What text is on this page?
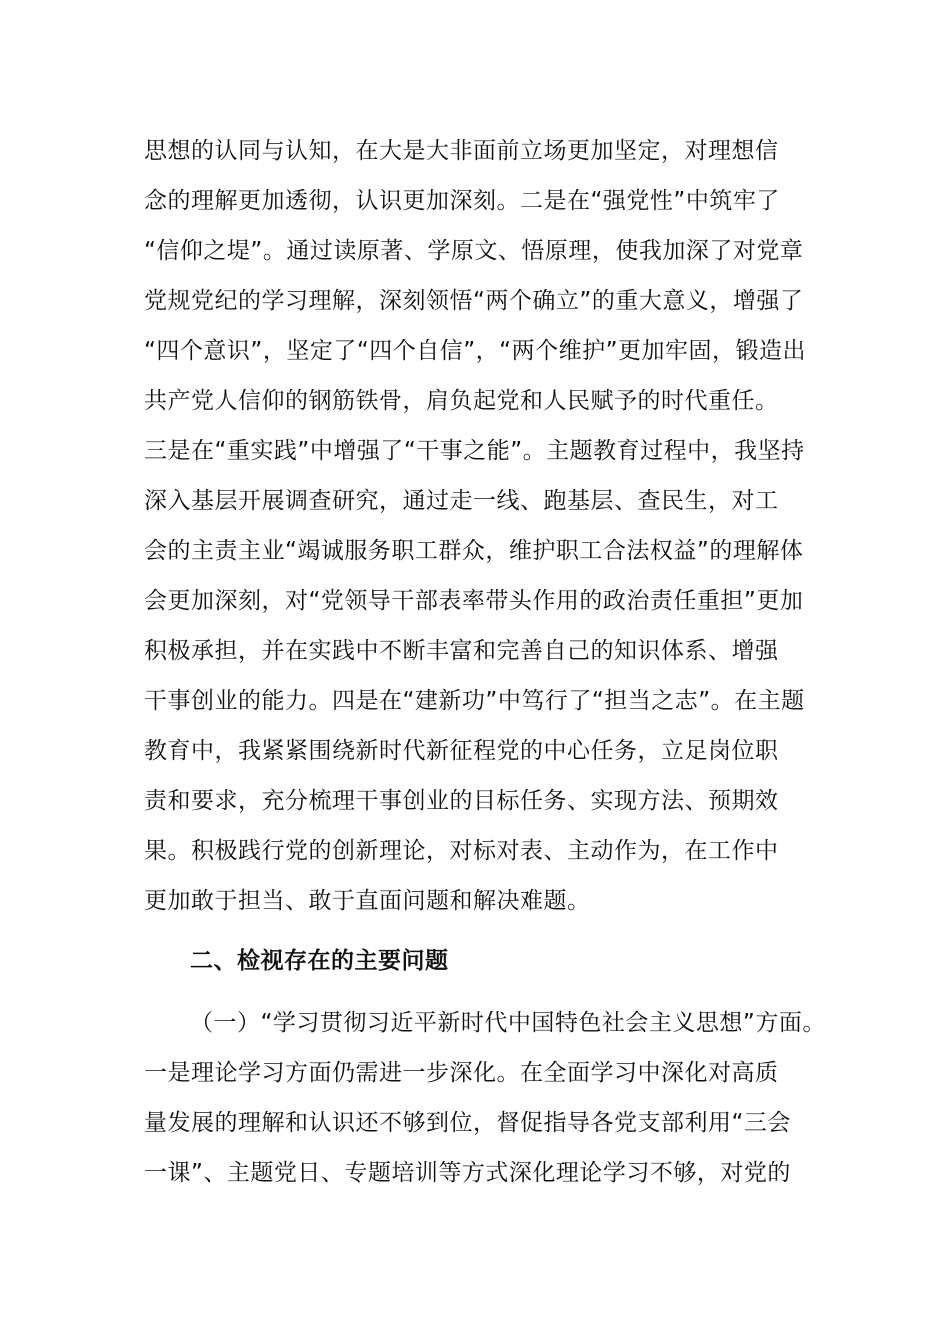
思想的认同与认知，在大是大非面前立场更加坚定，对理想信
念的理解更加透彻，认识更加深刻。二是在“强党性”中筑牢了
“信仰之堤”。通过读原著、学原文、悟原理，使我加深了对党章
党规党纪的学习理解，深刻领悟“两个确立”的重大意义，增强了
“四个意识”，坚定了“四个自信”，“两个维护”更加牢固，锻造出
共产党人信仰的钢筋铁骨，肩负起党和人民赋予的时代重任。
三是在“重实践”中增强了“干事之能”。主题教育过程中，我坚持
深入基层开展调查研究，通过走一线、跑基层、查民生，对工
会的主责主业“竭诚服务职工群众，维护职工合法权益”的理解体
会更加深刻，对“党领导干部表率带头作用的政治责任重担”更加
积极承担，并在实践中不断丰富和完善自己的知识体系、增强
干事创业的能力。四是在“建新功”中笃行了“担当之志”。在主题
教育中，我紧紧围绕新时代新征程党的中心任务，立足岗位职
责和要求，充分梳理干事创业的目标任务、实现方法、预期效
果。积极践行党的创新理论，对标对表、主动作为，在工作中
更加敢于担当、敢于直面问题和解决难题。
二、检视存在的主要问题
（一）“学习贯彻习近平新时代中国特色社会主义思想”方面。
一是理论学习方面仍需进一步深化。在全面学习中深化对高质
量发展的理解和认识还不够到位，督促指导各党支部利用“三会
一课”、主题党日、专题培训等方式深化理论学习不够，对党的
